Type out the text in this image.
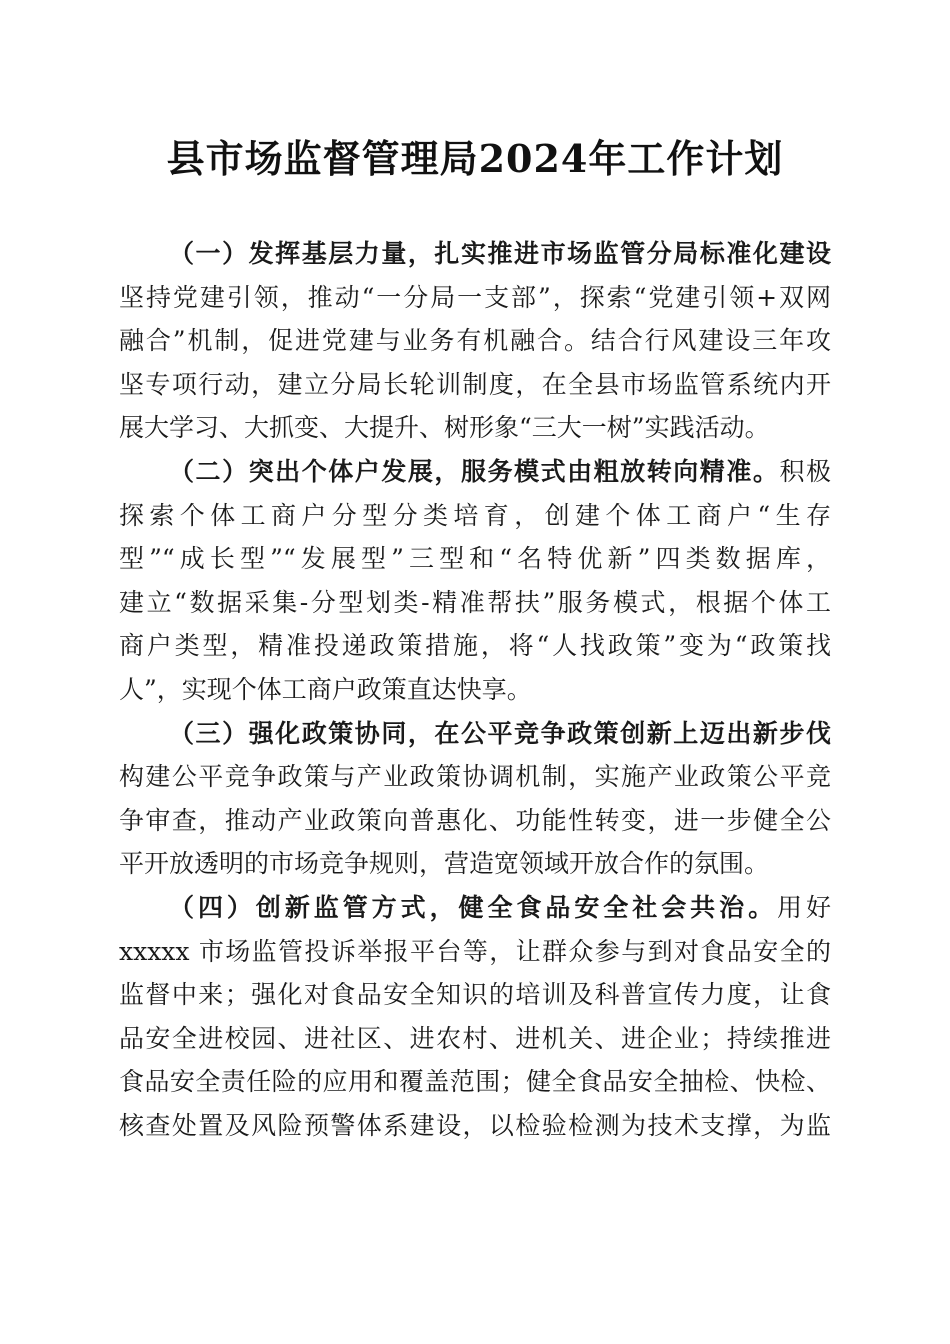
县市场监督管理局2024年工作计划
（一）发挥基层力量，扎实推进市场监管分局标准化建设
坚持党建引领，推动“一分局一支部”，探索“党建引领+双网
融合”机制，促进党建与业务有机融合。结合行风建设三年攻
坚专项行动，建立分局长轮训制度，在全县市场监管系统内开
展大学习、大抓变、大提升、树形象“三大一树”实践活动。
（二）突出个体户发展，服务模式由粗放转向精准。积极
探索个体工商户分型分类培育，创建个体工商户“生存
型”“成长型”“发展型”三型和“名特优新”四类数据库，
建立“数据采集-分型划类-精准帮扶”服务模式，根据个体工
商户类型，精准投递政策措施，将“人找政策”变为“政策找
人”，实现个体工商户政策直达快享。
（三）强化政策协同，在公平竞争政策创新上迈出新步伐
构建公平竞争政策与产业政策协调机制，实施产业政策公平竞
争审查，推动产业政策向普惠化、功能性转变，进一步健全公
平开放透明的市场竞争规则，营造宽领域开放合作的氛围。
（四）创新监管方式，健全食品安全社会共治。用好
xxxxx 市场监管投诉举报平台等，让群众参与到对食品安全的
监督中来；强化对食品安全知识的培训及科普宣传力度，让食
品安全进校园、进社区、进农村、进机关、进企业；持续推进
食品安全责任险的应用和覆盖范围；健全食品安全抽检、快检、
核查处置及风险预警体系建设，以检验检测为技术支撑，为监
